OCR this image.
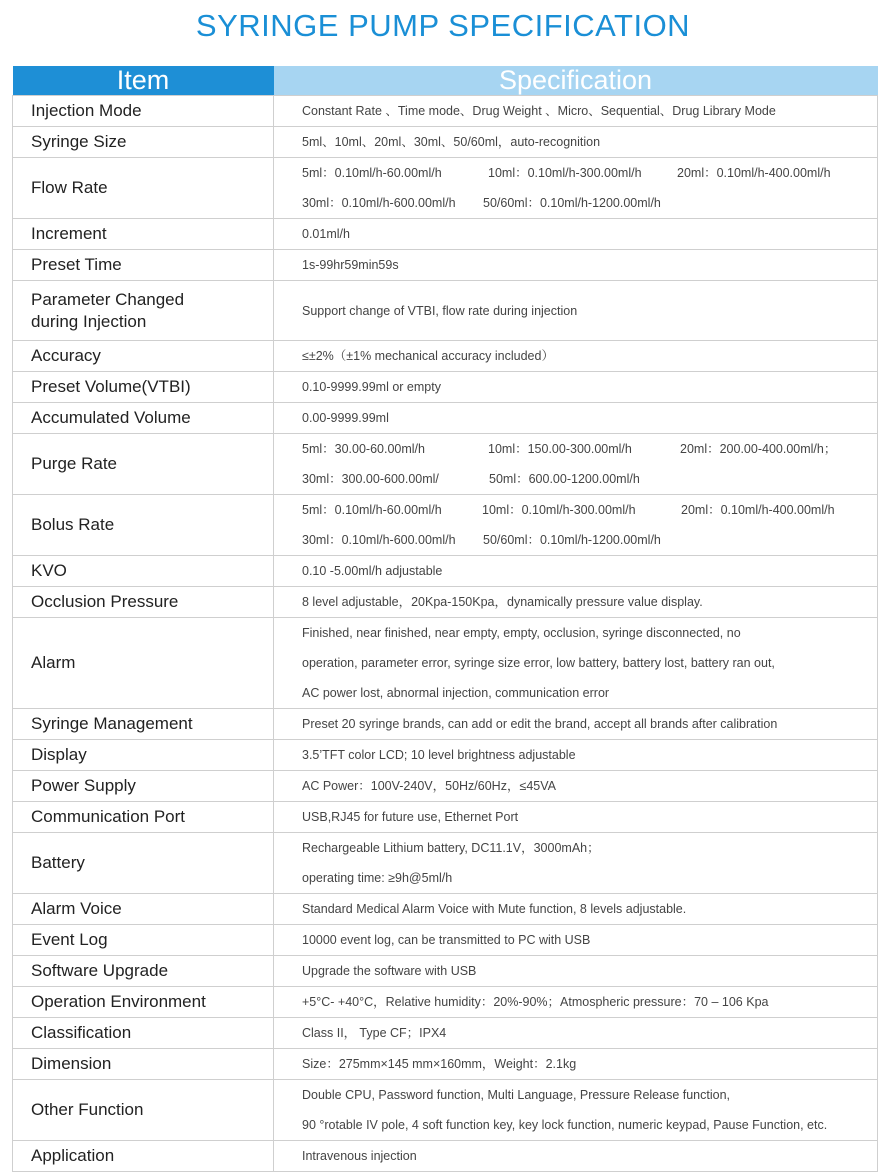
SYRINGE PUMP SPECIFICATION
Item	Specification
Injection Mode	Constant Rate 、Time mode、Drug Weight 、Micro、Sequential、Drug Library Mode

Syringe Size	5ml、10ml、20ml、30ml、50/60ml，auto-recognition

Flow Rate	5ml：0.10ml/h-60.00ml/h 10ml：0.10ml/h-300.00ml/h 20ml：0.10ml/h-400.00ml/h
30ml：0.10ml/h-600.00ml/h 50/60ml：0.10ml/h-1200.00ml/h

Increment	0.01ml/h

Preset Time	1s-99hr59min59s

Parameter Changed
during Injection	Support change of VTBI, flow rate during injection

Accuracy	≤±2%（±1% mechanical accuracy included）

Preset Volume(VTBI)	0.10-9999.99ml or empty

Accumulated Volume	0.00-9999.99ml

Purge Rate	5ml：30.00-60.00ml/h 10ml：150.00-300.00ml/h 20ml：200.00-400.00ml/h；
30ml：300.00-600.00ml/ 50ml：600.00-1200.00ml/h

Bolus Rate	5ml：0.10ml/h-60.00ml/h 10ml：0.10ml/h-300.00ml/h 20ml：0.10ml/h-400.00ml/h
30ml：0.10ml/h-600.00ml/h 50/60ml：0.10ml/h-1200.00ml/h

KVO	0.10 -5.00ml/h adjustable

Occlusion Pressure	8 level adjustable，20Kpa-150Kpa，dynamically pressure value display.

Alarm	Finished, near finished, near empty, empty, occlusion, syringe disconnected, no
operation, parameter error, syringe size error, low battery, battery lost, battery ran out,
AC power lost, abnormal injection, communication error

Syringe Management	Preset 20 syringe brands, can add or edit the brand, accept all brands after calibration

Display	3.5’TFT color LCD; 10 level brightness adjustable

Power Supply	AC Power：100V-240V，50Hz/60Hz，≤45VA

Communication Port	USB,RJ45 for future use, Ethernet Port

Battery	Rechargeable Lithium battery, DC11.1V，3000mAh；
operating time: ≥9h@5ml/h

Alarm Voice	Standard Medical Alarm Voice with Mute function, 8 levels adjustable.

Event Log	10000 event log, can be transmitted to PC with USB

Software Upgrade	Upgrade the software with USB

Operation Environment	+5°C- +40°C，Relative humidity：20%-90%；Atmospheric pressure：70 – 106 Kpa

Classification	Class II， Type CF；IPX4

Dimension	Size：275mm×145 mm×160mm，Weight：2.1kg

Other Function	Double CPU, Password function, Multi Language, Pressure Release function,
90 °rotable IV pole, 4 soft function key, key lock function, numeric keypad, Pause Function, etc.

Application	Intravenous injection
